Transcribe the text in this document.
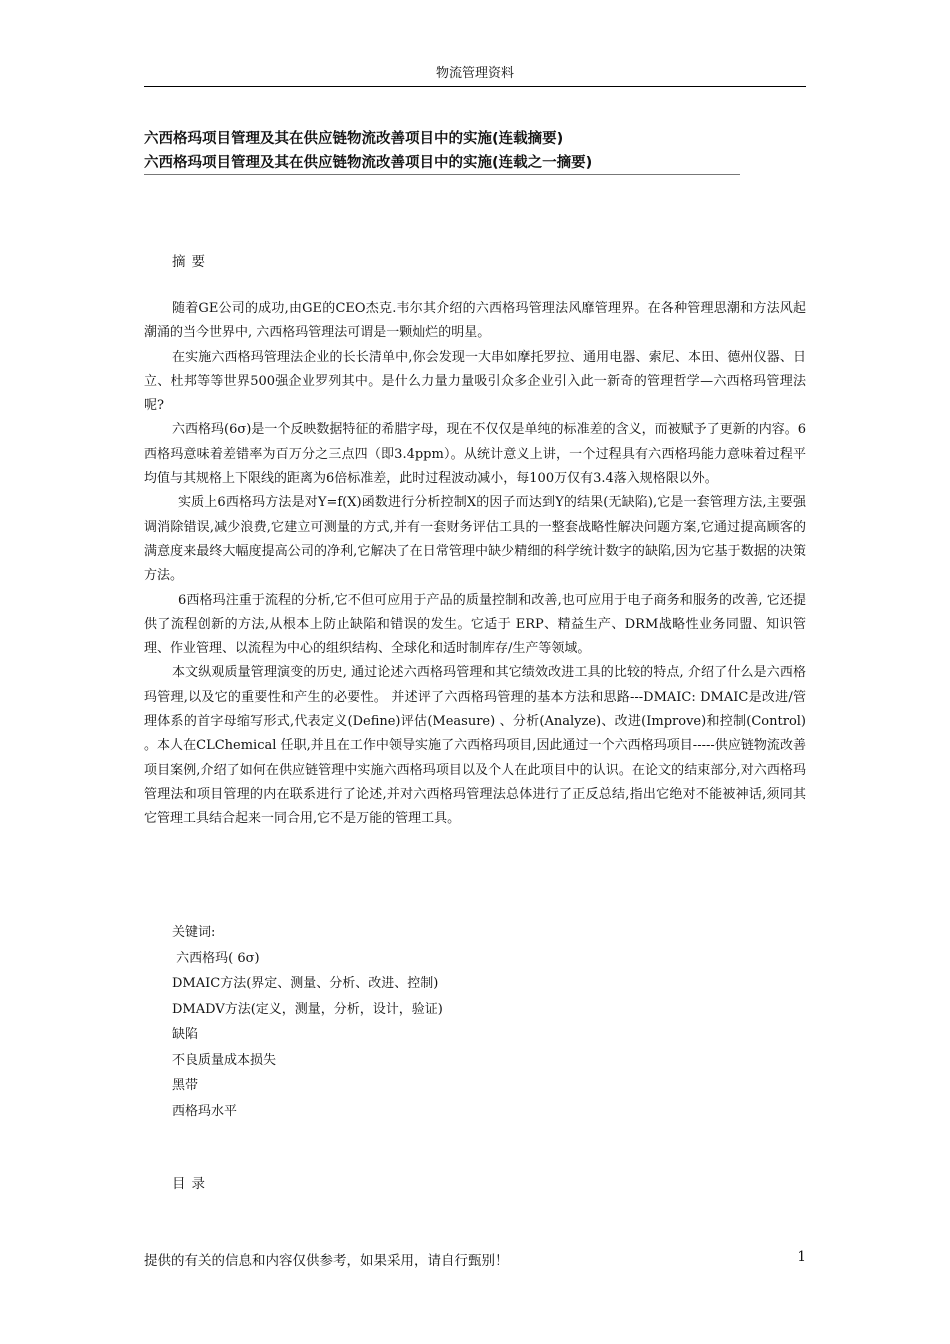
物流管理资料
六西格玛项目管理及其在供应链物流改善项目中的实施(连载摘要)
六西格玛项目管理及其在供应链物流改善项目中的实施(连载之一摘要)
摘要

随着GE公司的成功,由GE的CEO杰克.韦尔其介绍的六西格玛管理法风靡管理界。在各种管理思潮和方法风起潮涌的当今世界中, 六西格玛管理法可谓是一颗灿烂的明星。

在实施六西格玛管理法企业的长长清单中,你会发现一大串如摩托罗拉、通用电器、索尼、本田、德州仪器、日立、杜邦等等世界500强企业罗列其中。是什么力量力量吸引众多企业引入此一新奇的管理哲学—六西格玛管理法呢?

六西格玛(6σ)是一个反映数据特征的希腊字母，现在不仅仅是单纯的标准差的含义，而被赋予了更新的内容。6西格玛意味着差错率为百万分之三点四（即3.4ppm）。从统计意义上讲，一个过程具有六西格玛能力意味着过程平均值与其规格上下限线的距离为6倍标准差，此时过程波动减小，每100万仅有3.4落入规格限以外。

实质上6西格玛方法是对Y=f(X)函数进行分析控制X的因子而达到Y的结果(无缺陷),它是一套管理方法,主要强调消除错误,减少浪费,它建立可测量的方式,并有一套财务评估工具的一整套战略性解决问题方案,它通过提高顾客的满意度来最终大幅度提高公司的净利,它解决了在日常管理中缺少精细的科学统计数字的缺陷,因为它基于数据的决策方法。

6西格玛注重于流程的分析,它不但可应用于产品的质量控制和改善,也可应用于电子商务和服务的改善, 它还提供了流程创新的方法,从根本上防止缺陷和错误的发生。它适于 ERP、精益生产、DRM战略性业务同盟、知识管理、作业管理、以流程为中心的组织结构、全球化和适时制库存/生产等领域。

本文纵观质量管理演变的历史, 通过论述六西格玛管理和其它绩效改进工具的比较的特点, 介绍了什么是六西格玛管理,以及它的重要性和产生的必要性。 并述评了六西格玛管理的基本方法和思路---DMAIC: DMAIC是改进/管理体系的首字母缩写形式,代表定义(Define)评估(Measure) 、分析(Analyze)、改进(Improve)和控制(Control) 。本人在CLChemical 任职,并且在工作中领导实施了六西格玛项目,因此通过一个六西格玛项目-----供应链物流改善项目案例,介绍了如何在供应链管理中实施六西格玛项目以及个人在此项目中的认识。在论文的结束部分,对六西格玛管理法和项目管理的内在联系进行了论述,并对六西格玛管理法总体进行了正反总结,指出它绝对不能被神话,须同其它管理工具结合起来一同合用,它不是万能的管理工具。

关键词:
六西格玛( 6σ)
DMAIC方法(界定、测量、分析、改进、控制)
DMADV方法(定义，测量，分析，设计，验证)
缺陷
不良质量成本损失
黑带
西格玛水平
目录
提供的有关的信息和内容仅供参考，如果采用，请自行甄别！	1
